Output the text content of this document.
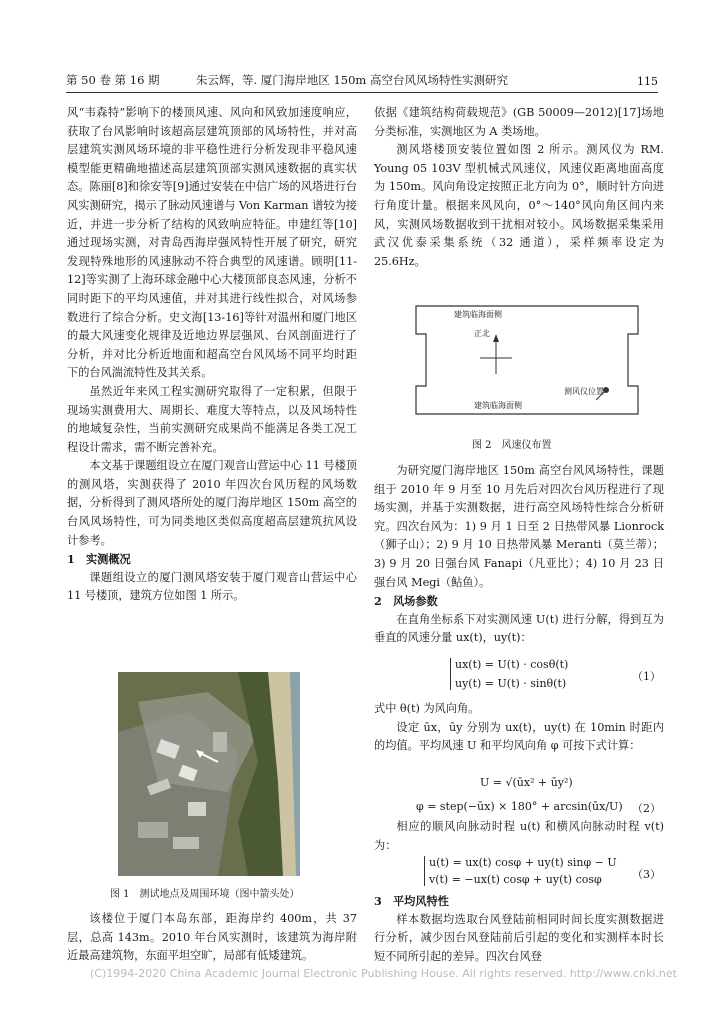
第 50 卷 第 16 期	朱云辉，等. 厦门海岸地区 150m 高空台风风场特性实测研究	115

风“韦森特”影响下的楼顶风速、风向和风致加速度响应，获取了台风影响时该超高层建筑顶部的风场特性，并对高层建筑实测风场环境的非平稳性进行分析发现非平稳风速模型能更精确地描述高层建筑顶部实测风速数据的真实状态。陈丽[8]和徐安等[9]通过安装在中信广场的风塔进行台风实测研究，揭示了脉动风速谱与 Von Karman 谱较为接近，并进一步分析了结构的风致响应特征。申建红等[10]通过现场实测，对青岛西海岸强风特性开展了研究，研究发现特殊地形的风速脉动不符合典型的风速谱。顾明[11-12]等实测了上海环球金融中心大楼顶部良态风速，分析不同时距下的平均风速值，并对其进行线性拟合，对风场参数进行了综合分析。史文海[13-16]等针对温州和厦门地区的最大风速变化规律及近地边界层强风、台风剖面进行了分析，并对比分析近地面和超高空台风风场不同平均时距下的台风湍流特性及其关系。

虽然近年来风工程实测研究取得了一定积累，但限于现场实测费用大、周期长、难度大等特点，以及风场特性的地域复杂性，当前实测研究成果尚不能满足各类工况工程设计需求，需不断完善补充。

本文基于课题组设立在厦门观音山营运中心 11 号楼顶的测风塔，实测获得了 2010 年四次台风历程的风场数据，分析得到了测风塔所处的厦门海岸地区 150m 高空的台风风场特性，可为同类地区类似高度超高层建筑抗风设计参考。

1　实测概况

课题组设立的厦门测风塔安装于厦门观音山营运中心 11 号楼顶，建筑方位如图 1 所示。

图 1　测试地点及周围环境（图中箭头处）

该楼位于厦门本岛东部，距海岸约 400m，共 37 层，总高 143m。2010 年台风实测时，该建筑为海岸附近最高建筑物，东面平坦空旷，局部有低矮建筑。

依据《建筑结构荷载规范》(GB 50009—2012)[17]场地分类标准，实测地区为 A 类场地。

测风塔楼顶安装位置如图 2 所示。测风仪为 RM. Young 05 103V 型机械式风速仪，风速仪距离地面高度为 150m。风向角设定按照正北方向为 0°，顺时针方向进行角度计量。根据来风风向，0°～140°风向角区间内来风，实测风场数据收到干扰相对较小。风场数据采集采用武汉优泰采集系统（32 通道），采样频率设定为 25.6Hz。

建筑临海面侧
正北
建筑临海面侧
测风仪位置
图 2　风速仪布置

为研究厦门海岸地区 150m 高空台风风场特性，课题组于 2010 年 9 月至 10 月先后对四次台风历程进行了现场实测，并基于实测数据，进行高空风场特性综合分析研究。四次台风为：1) 9 月 1 日至 2 日热带风暴 Lionrock（狮子山）；2) 9 月 10 日热带风暴 Meranti（莫兰蒂）；3) 9 月 20 日强台风 Fanapi（凡亚比）；4) 10 月 23 日强台风 Megi（鲇鱼）。

2　风场参数

在直角坐标系下对实测风速 U(t) 进行分解，得到互为垂直的风速分量 ux(t)，uy(t)：

ux(t) = U(t) · cosθ(t)
uy(t) = U(t) · sinθ(t)
（1）

式中 θ(t) 为风向角。

设定 ūx，ūy 分别为 ux(t)，uy(t) 在 10min 时距内的均值。平均风速 U 和平均风向角 φ 可按下式计算：

U = √(ūx² + ūy²)
φ = step(−ūx) × 180° + arcsin(ūx/U) （2）

相应的顺风向脉动时程 u(t) 和横风向脉动时程 v(t) 为：

u(t) = ux(t) cosφ + uy(t) sinφ − U
v(t) = −ux(t) cosφ + uy(t) cosφ	（3）

3　平均风特性

样本数据均选取台风登陆前相同时间长度实测数据进行分析，减少因台风登陆前后引起的变化和实测样本时长短不同所引起的差异。四次台风登

(C)1994-2020 China Academic Journal Electronic Publishing House. All rights reserved. http://www.cnki.net
